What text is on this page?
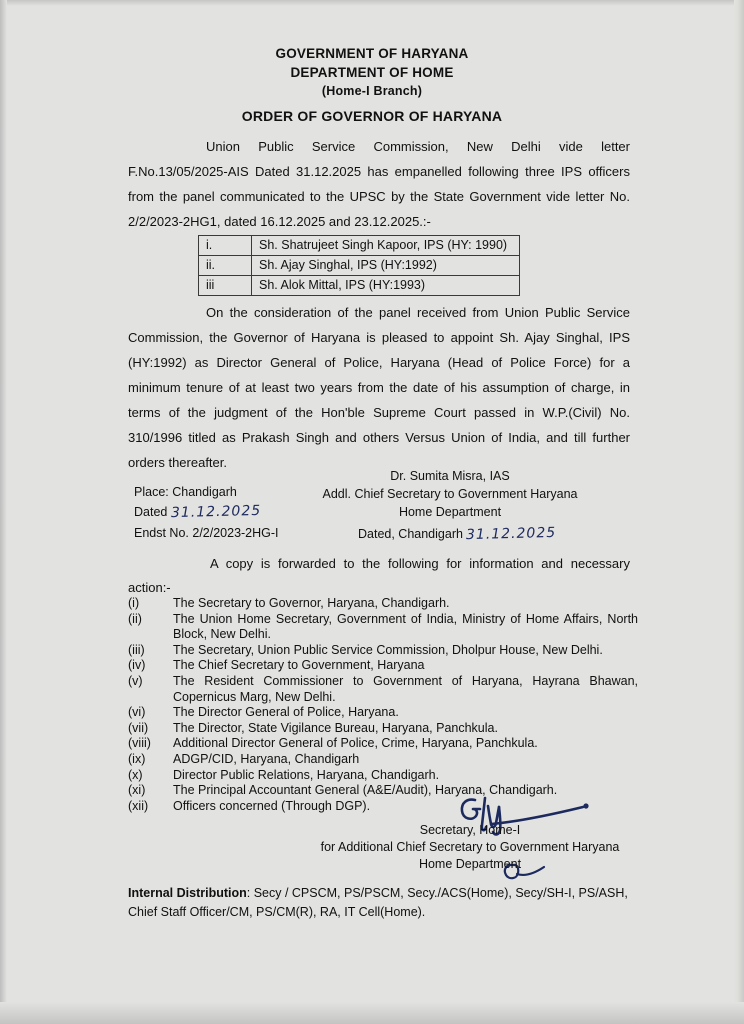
GOVERNMENT OF HARYANA
DEPARTMENT OF HOME
(Home-I Branch)
ORDER OF GOVERNOR OF HARYANA
Union Public Service Commission, New Delhi vide letter F.No.13/05/2025-AIS Dated 31.12.2025 has empanelled following three IPS officers from the panel communicated to the UPSC by the State Government vide letter No. 2/2/2023-2HG1, dated 16.12.2025 and 23.12.2025.:-
i.	Sh. Shatrujeet Singh Kapoor, IPS (HY: 1990)
ii.	Sh. Ajay Singhal, IPS (HY:1992)
iii	Sh. Alok Mittal, IPS (HY:1993)
On the consideration of the panel received from Union Public Service Commission, the Governor of Haryana is pleased to appoint Sh. Ajay Singhal, IPS (HY:1992) as Director General of Police, Haryana (Head of Police Force) for a minimum tenure of at least two years from the date of his assumption of charge, in terms of the judgment of the Hon'ble Supreme Court passed in W.P.(Civil) No. 310/1996 titled as Prakash Singh and others Versus Union of India, and till further orders thereafter.
Place: Chandigarh
Dated 31.12.2025
Dr. Sumita Misra, IAS
Addl. Chief Secretary to Government Haryana
Home Department
Endst No. 2/2/2023-2HG-I	Dated, Chandigarh 31.12.2025
A copy is forwarded to the following for information and necessary action:-
(i)	The Secretary to Governor, Haryana, Chandigarh.
(ii)	The Union Home Secretary, Government of India, Ministry of Home Affairs, North Block, New Delhi.
(iii)	The Secretary, Union Public Service Commission, Dholpur House, New Delhi.
(iv)	The Chief Secretary to Government, Haryana
(v)	The Resident Commissioner to Government of Haryana, Hayrana Bhawan, Copernicus Marg, New Delhi.
(vi)	The Director General of Police, Haryana.
(vii)	The Director, State Vigilance Bureau, Haryana, Panchkula.
(viii)	Additional Director General of Police, Crime, Haryana, Panchkula.
(ix)	ADGP/CID, Haryana, Chandigarh
(x)	Director Public Relations, Haryana, Chandigarh.
(xi)	The Principal Accountant General (A&E/Audit), Haryana, Chandigarh.
(xii)	Officers concerned (Through DGP).
Secretary, Home-I
for Additional Chief Secretary to Government Haryana
Home Department
Internal Distribution: Secy / CPSCM, PS/PSCM, Secy./ACS(Home), Secy/SH-I, PS/ASH, Chief Staff Officer/CM, PS/CM(R), RA, IT Cell(Home).
